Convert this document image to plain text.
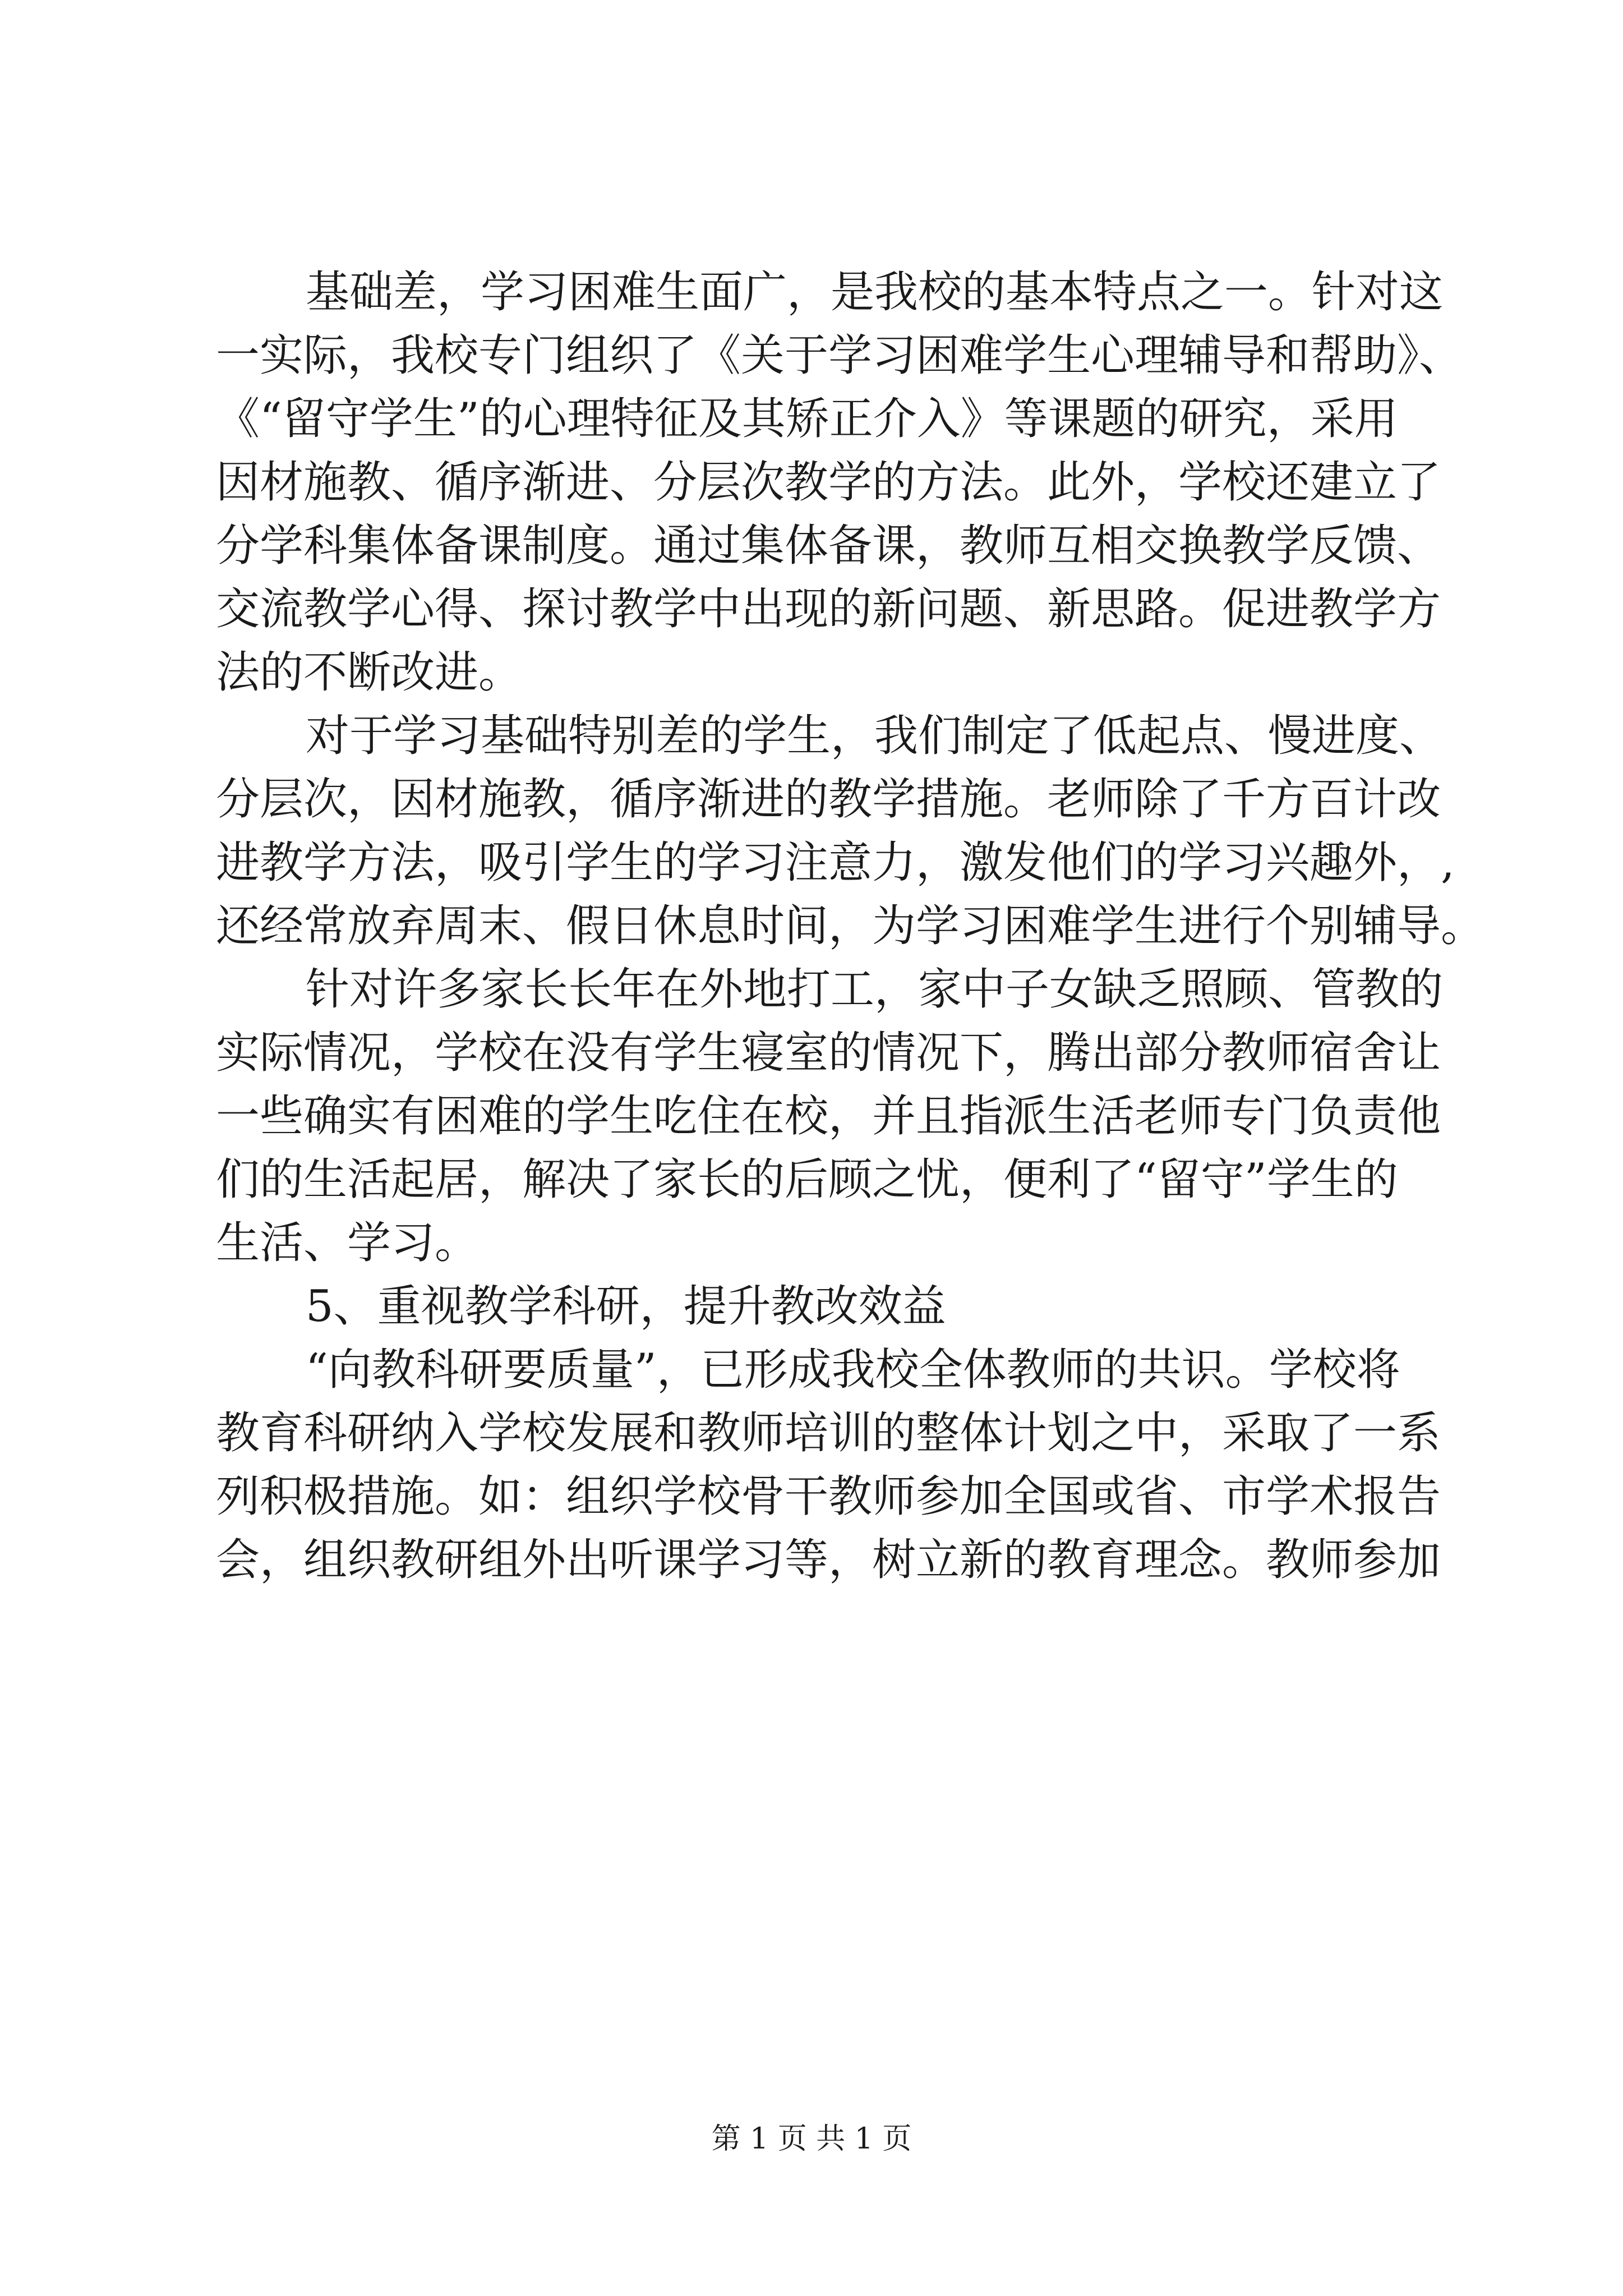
基础差，学习困难生面广，是我校的基本特点之一。针对这
一实际，我校专门组织了《关于学习困难学生心理辅导和帮助》、
《“留守学生”的心理特征及其矫正介入》等课题的研究，采用
因材施教、循序渐进、分层次教学的方法。此外，学校还建立了
分学科集体备课制度。通过集体备课，教师互相交换教学反馈、
交流教学心得、探讨教学中出现的新问题、新思路。促进教学方
法的不断改进。
对于学习基础特别差的学生，我们制定了低起点、慢进度、
分层次，因材施教，循序渐进的教学措施。老师除了千方百计改
进教学方法，吸引学生的学习注意力，激发他们的学习兴趣外，,
还经常放弃周末、假日休息时间，为学习困难学生进行个别辅导。
针对许多家长长年在外地打工，家中子女缺乏照顾、管教的
实际情况，学校在没有学生寝室的情况下，腾出部分教师宿舍让
一些确实有困难的学生吃住在校，并且指派生活老师专门负责他
们的生活起居，解决了家长的后顾之忧，便利了“留守”学生的
生活、学习。
5、重视教学科研，提升教改效益
“向教科研要质量”，已形成我校全体教师的共识。学校将
教育科研纳入学校发展和教师培训的整体计划之中，采取了一系
列积极措施。如：组织学校骨干教师参加全国或省、市学术报告
会，组织教研组外出听课学习等，树立新的教育理念。教师参加
第 1 页 共 1 页
